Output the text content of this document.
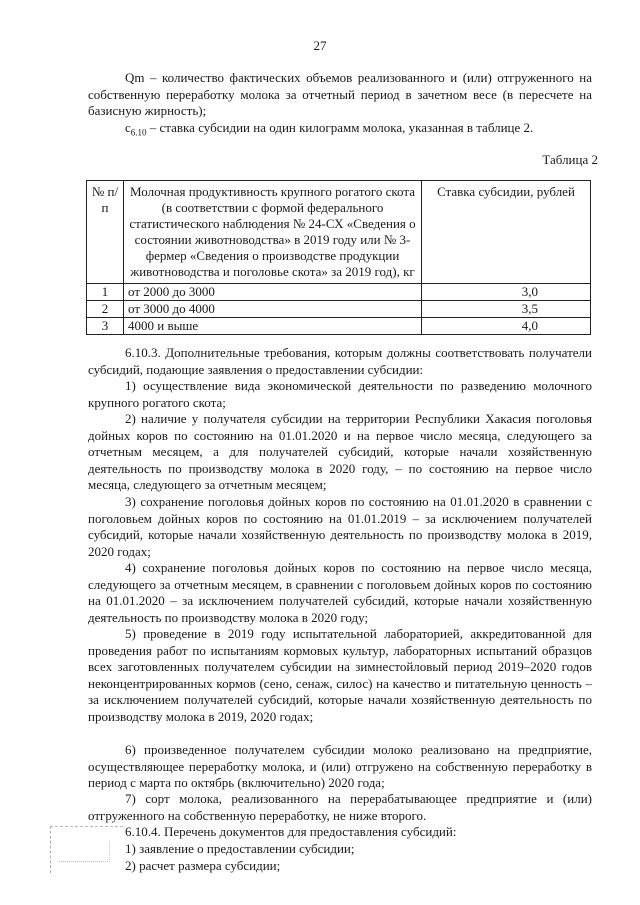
27

Qm – количество фактических объемов реализованного и (или) отгруженного на собственную переработку молока за отчетный период в зачетном весе (в пересчете на базисную жирность);

$c_{6.10}$ – ставка субсидии на один килограмм молока, указанная в таблице 2.

Таблица 2
№ п/п	Молочная продуктивность крупного рогатого скота (в соответствии с формой федерального статистического наблюдения № 24-СХ «Сведения о состоянии животноводства» в 2019 году или № 3-фермер «Сведения о производстве продукции животноводства и поголовье скота» за 2019 год), кг	Ставка субсидии, рублей
1	от 2000 до 3000	3,0
2	от 3000 до 4000	3,5
3	4000 и выше	4,0

6.10.3. Дополнительные требования, которым должны соответствовать получатели субсидий, подающие заявления о предоставлении субсидии:

1) осуществление вида экономической деятельности по разведению молочного крупного рогатого скота;

2) наличие у получателя субсидии на территории Республики Хакасия поголовья дойных коров по состоянию на 01.01.2020 и на первое число месяца, следующего за отчетным месяцем, а для получателей субсидий, которые начали хозяйственную деятельность по производству молока в 2020 году, – по состоянию на первое число месяца, следующего за отчетным месяцем;

3) сохранение поголовья дойных коров по состоянию на 01.01.2020 в сравнении с поголовьем дойных коров по состоянию на 01.01.2019 – за исключением получателей субсидий, которые начали хозяйственную деятельность по производству молока в 2019, 2020 годах;

4) сохранение поголовья дойных коров по состоянию на первое число месяца, следующего за отчетным месяцем, в сравнении с поголовьем дойных коров по состоянию на 01.01.2020 – за исключением получателей субсидий, которые начали хозяйственную деятельность по производству молока в 2020 году;

5) проведение в 2019 году испытательной лабораторией, аккредитованной для проведения работ по испытаниям кормовых культур, лабораторных испытаний образцов всех заготовленных получателем субсидии на зимнестойловый период 2019–2020 годов неконцентрированных кормов (сено, сенаж, силос) на качество и питательную ценность – за исключением получателей субсидий, которые начали хозяйственную деятельность по производству молока в 2019, 2020 годах;

6) произведенное получателем субсидии молоко реализовано на предприятие, осуществляющее переработку молока, и (или) отгружено на собственную переработку в период с марта по октябрь (включительно) 2020 года;

7) сорт молока, реализованного на перерабатывающее предприятие и (или) отгруженного на собственную переработку, не ниже второго.

6.10.4. Перечень документов для предоставления субсидий:

1) заявление о предоставлении субсидии;

2) расчет размера субсидии;
